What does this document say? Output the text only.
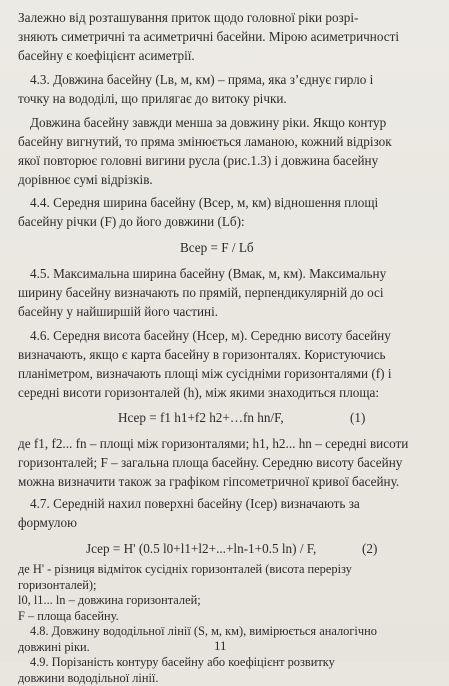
Залежно від розташування приток щодо головної ріки розрі-

зняють симетричні та асиметричні басейни. Мірою асиметричності

басейну є коефіцієнт асиметрії.

4.3. Довжина басейну (Lв, м, км) – пряма, яка з’єднує гирло і

точку на вододілі, що прилягає до витоку річки.

Довжина басейну завжди менша за довжину ріки. Якщо контур

басейну вигнутий, то пряма змінюється ламаною, кожний відрізок

якої повторює головні вигини русла (рис.1.3) і довжина басейну

дорівнює сумі відрізків.

4.4. Середня ширина басейну (Bсер, м, км) відношення площі

басейну річки (F) до його довжини (Lб):

Bсер = F / Lб

4.5. Максимальна ширина басейну (Bмак, м, км). Максимальну

ширину басейну визначають по прямій, перпендикулярній до осі

басейну у найширшій його частині.

4.6. Середня висота басейну (Hсер, м). Середню висоту басейну

визначають, якщо є карта басейну в горизонталях. Користуючись

планіметром, визначають площі між сусідніми горизонталями (f) і

середні висоти горизонталей (h), між якими знаходиться площа:

Hсер = f1 h1+f2 h2+…fn hn/F,	(1)

де f1, f2... fn – площі між горизонталями; h1, h2... hn – середні висоти

горизонталей; F – загальна площа басейну. Середню висоту басейну

можна визначити також за графіком гіпсометричної кривої басейну.

4.7. Середній нахил поверхні басейну (Iсер) визначають за

формулою

Jсер = H' (0.5 l0+l1+l2+...+ln-1+0.5 ln) / F,	(2)

де H' - різниця відміток сусідніх горизонталей (висота перерізу

горизонталей);

l0, l1... ln – довжина горизонталей;

F – площа басейну.

4.8. Довжину вододільної лінії (S, м, км), вимірюється аналогічно

довжині ріки.

4.9. Порізаність контуру басейну або коефіцієнт розвитку

довжини вододільної лінії.

11
